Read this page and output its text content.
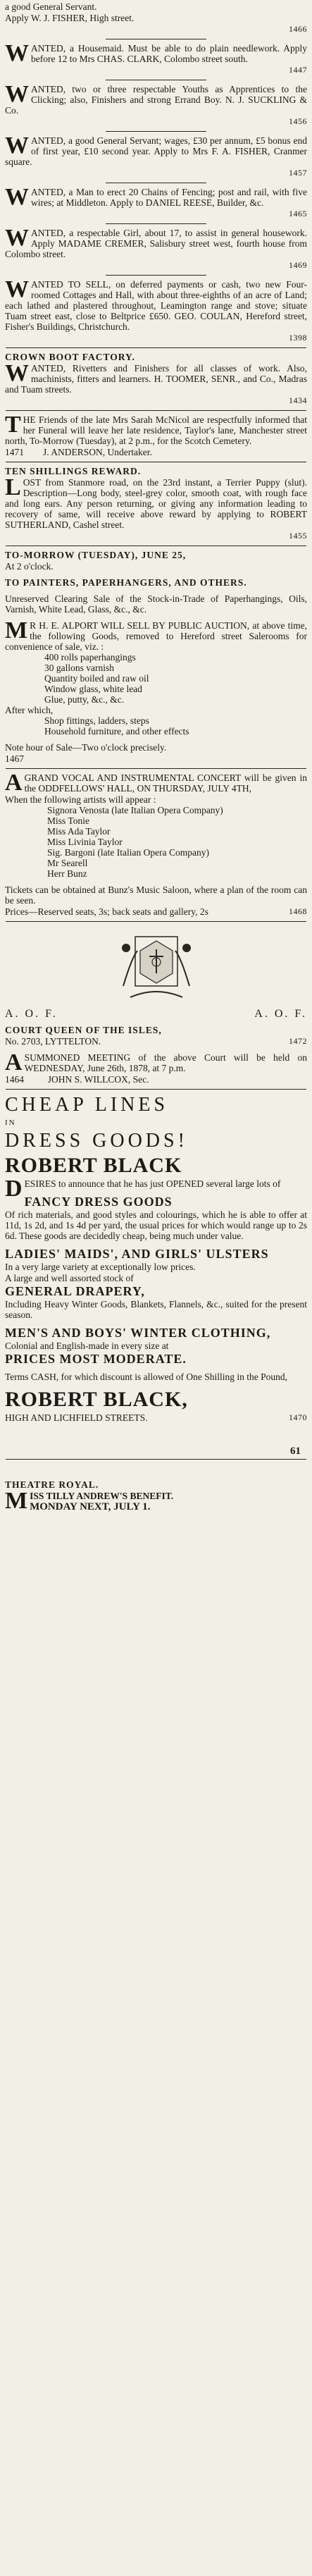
a good General Servant.

Apply W. J. FISHER, High street.

1466

WANTED, a Housemaid. Must be able to do plain needlework. Apply before 12 to Mrs CHAS. CLARK, Colombo street south.

1447

WANTED, two or three respectable Youths as Apprentices to the Clicking; also, Finishers and strong Errand Boy. N. J. SUCKLING & Co.

1456

WANTED, a good General Servant; wages, £30 per annum, £5 bonus end of first year, £10 second year. Apply to Mrs F. A. FISHER, Cranmer square.

1457

WANTED, a Man to erect 20 Chains of Fencing; post and rail, with five wires; at Middleton. Apply to DANIEL REESE, Builder, &c.

1465

WANTED, a respectable Girl, about 17, to assist in general housework. Apply MADAME CREMER, Salisbury street west, fourth house from Colombo street.

1469

WANTED TO SELL, on deferred payments or cash, two new Four-roomed Cottages and Hall, with about three-eighths of an acre of Land; each lathed and plastered throughout, Leamington range and stove; situate Tuam street east, close to Beltprice £650. GEO. COULAN, Hereford street, Fisher's Buildings, Christchurch.

1398

CROWN BOOT FACTORY.

WANTED, Rivetters and Finishers for all classes of work. Also, machinists, fitters and learners. H. TOOMER, SENR., and Co., Madras and Tuam streets.

1434

THE Friends of the late Mrs Sarah McNicol are respectfully informed that her Funeral will leave her late residence, Taylor's lane, Manchester street north, To-Morrow (Tuesday), at 2 p.m., for the Scotch Cemetery.

1471 J. ANDERSON, Undertaker.

TEN SHILLINGS REWARD.

LOST from Stanmore road, on the 23rd instant, a Terrier Puppy (slut). Description—Long body, steel-grey color, smooth coat, with rough face and long ears. Any person returning, or giving any information leading to recovery of same, will receive above reward by applying to ROBERT SUTHERLAND, Cashel street.

1455

TO-MORROW (TUESDAY), JUNE 25,

At 2 o'clock.

TO PAINTERS, PAPERHANGERS, AND OTHERS.

Unreserved Clearing Sale of the Stock-in-Trade of Paperhangings, Oils, Varnish, White Lead, Glass, &c., &c.

M R H. E. ALPORT WILL SELL BY PUBLIC AUCTION, at above time, the following Goods, removed to Hereford street Salerooms for convenience of sale, viz. :

400 rolls paperhangings
30 gallons varnish
Quantity boiled and raw oil
Window glass, white lead
Glue, putty, &c., &c.

After which,

Shop fittings, ladders, steps
Household furniture, and other effects

Note hour of Sale—Two o'clock precisely.

1467

AGRAND VOCAL AND INSTRUMENTAL CONCERT will be given in the ODDFELLOWS' HALL, ON THURSDAY, JULY 4TH,

When the following artists will appear :

Signora Venosta (late Italian Opera Company)
Miss Tonie
Miss Ada Taylor
Miss Livinia Taylor
Sig. Bargoni (late Italian Opera Company)
Mr Searell
Herr Bunz

Tickets can be obtained at Bunz's Music Saloon, where a plan of the room can be seen.

Prices—Reserved seats, 3s; back seats and gallery, 2s	1468

A. O. F.	A. O. F.

COURT QUEEN OF THE ISLES,

No. 2703, LYTTELTON.	1472

ASUMMONED MEETING of the above Court will be held on WEDNESDAY, June 26th, 1878, at 7 p.m.

1464	JOHN S. WILLCOX, Sec.

CHEAP LINES

IN

DRESS GOODS!

ROBERT BLACK

DESIRES to announce that he has just OPENED several large lots of

FANCY DRESS GOODS

Of rich materials, and good styles and colourings, which he is able to offer at 11d, 1s 2d, and 1s 4d per yard, the usual prices for which would range up to 2s 6d. These goods are decidedly cheap, being much under value.

LADIES' MAIDS', AND GIRLS' ULSTERS

In a very large variety at exceptionally low prices.

A large and well assorted stock of

GENERAL DRAPERY,

Including Heavy Winter Goods, Blankets, Flannels, &c., suited for the present season.

MEN'S AND BOYS' WINTER CLOTHING,

Colonial and English-made in every size at

PRICES MOST MODERATE.

Terms CASH, for which discount is allowed of One Shilling in the Pound,

ROBERT BLACK,

HIGH AND LICHFIELD STREETS.	1470

61

THEATRE ROYAL.

MISS TILLY ANDREW'S BENEFIT.

MONDAY NEXT, JULY 1.
